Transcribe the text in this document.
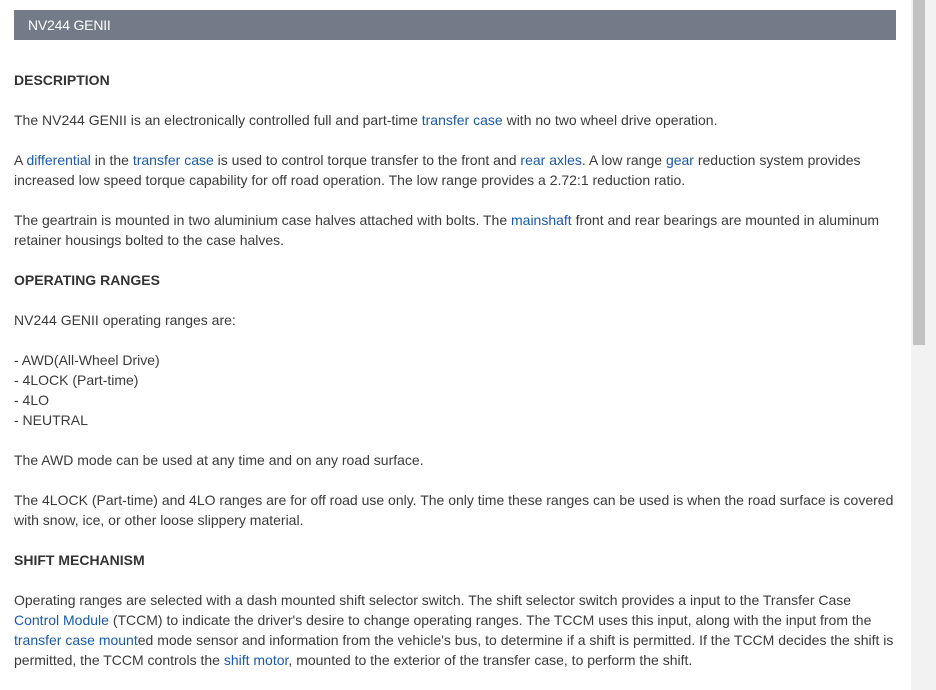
NV244 GENII
DESCRIPTION
The NV244 GENII is an electronically controlled full and part-time transfer case with no two wheel drive operation.
A differential in the transfer case is used to control torque transfer to the front and rear axles. A low range gear reduction system provides increased low speed torque capability for off road operation. The low range provides a 2.72:1 reduction ratio.
The geartrain is mounted in two aluminium case halves attached with bolts. The mainshaft front and rear bearings are mounted in aluminum retainer housings bolted to the case halves.
OPERATING RANGES
NV244 GENII operating ranges are:
- AWD(All-Wheel Drive)
- 4LOCK (Part-time)
- 4LO
- NEUTRAL
The AWD mode can be used at any time and on any road surface.
The 4LOCK (Part-time) and 4LO ranges are for off road use only. The only time these ranges can be used is when the road surface is covered with snow, ice, or other loose slippery material.
SHIFT MECHANISM
Operating ranges are selected with a dash mounted shift selector switch. The shift selector switch provides a input to the Transfer Case Control Module (TCCM) to indicate the driver's desire to change operating ranges. The TCCM uses this input, along with the input from the transfer case mounted mode sensor and information from the vehicle's bus, to determine if a shift is permitted. If the TCCM decides the shift is permitted, the TCCM controls the shift motor, mounted to the exterior of the transfer case, to perform the shift.
